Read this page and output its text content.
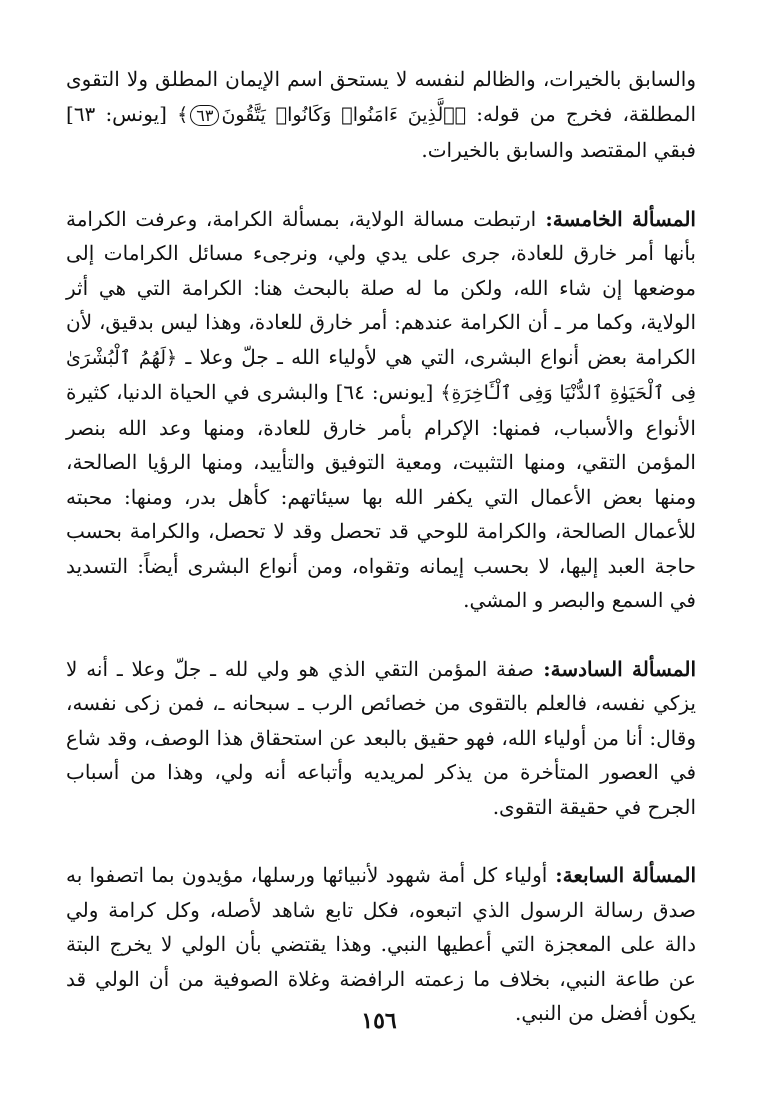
والسابق بالخيرات، والظالم لنفسه لا يستحق اسم الإيمان المطلق ولا التقوى المطلقة، فخرج من قوله: ﴿ٱلَّذِينَ ءَامَنُوا۟ وَكَانُوا۟ يَتَّقُونَ٦٣﴾ [يونس: ٦٣] فبقي المقتصد والسابق بالخيرات.

المسألة الخامسة: ارتبطت مسالة الولاية، بمسألة الكرامة، وعرفت الكرامة بأنها أمر خارق للعادة، جرى على يدي ولي، ونرجىء مسائل الكرامات إلى موضعها إن شاء الله، ولكن ما له صلة بالبحث هنا: الكرامة التي هي أثر الولاية، وكما مر ـ أن الكرامة عندهم: أمر خارق للعادة، وهذا ليس بدقيق، لأن الكرامة بعض أنواع البشرى، التي هي لأولياء الله ـ جلّ وعلا ـ ﴿لَهُمُ ٱلْبُشْرَىٰ فِى ٱلْحَيَوٰةِ ٱلدُّنْيَا وَفِى ٱلْـَٔاخِرَةِ﴾ [يونس: ٦٤] والبشرى في الحياة الدنيا، كثيرة الأنواع والأسباب، فمنها: الإكرام بأمر خارق للعادة، ومنها وعد الله بنصر المؤمن التقي، ومنها التثبيت، ومعية التوفيق والتأييد، ومنها الرؤيا الصالحة، ومنها بعض الأعمال التي يكفر الله بها سيئاتهم: كأهل بدر، ومنها: محبته للأعمال الصالحة، والكرامة للوحي قد تحصل وقد لا تحصل، والكرامة بحسب حاجة العبد إليها، لا بحسب إيمانه وتقواه، ومن أنواع البشرى أيضاً: التسديد في السمع والبصر و المشي.

المسألة السادسة: صفة المؤمن التقي الذي هو ولي لله ـ جلّ وعلا ـ أنه لا يزكي نفسه، فالعلم بالتقوى من خصائص الرب ـ سبحانه ـ، فمن زكى نفسه، وقال: أنا من أولياء الله، فهو حقيق بالبعد عن استحقاق هذا الوصف، وقد شاع في العصور المتأخرة من يذكر لمريديه وأتباعه أنه ولي، وهذا من أسباب الجرح في حقيقة التقوى.

المسألة السابعة: أولياء كل أمة شهود لأنبيائها ورسلها، مؤيدون بما اتصفوا به صدق رسالة الرسول الذي اتبعوه، فكل تابع شاهد لأصله، وكل كرامة ولي دالة على المعجزة التي أعطيها النبي. وهذا يقتضي بأن الولي لا يخرج البتة عن طاعة النبي، بخلاف ما زعمته الرافضة وغلاة الصوفية من أن الولي قد يكون أفضل من النبي.

١٥٦
